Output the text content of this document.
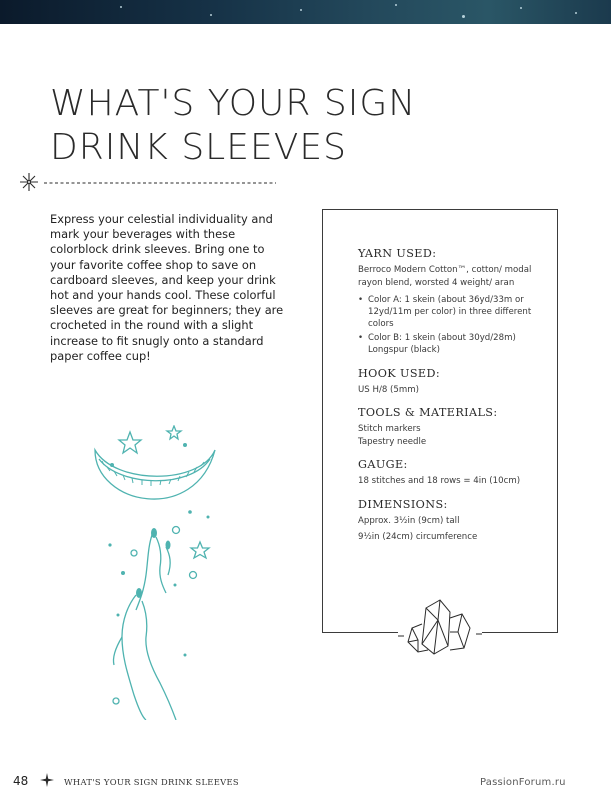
WHAT'S YOUR SIGN
DRINK SLEEVES

Express your celestial individuality and mark your beverages with these colorblock drink sleeves. Bring one to your favorite coffee shop to save on cardboard sleeves, and keep your drink hot and your hands cool. These colorful sleeves are great for beginners; they are crocheted in the round with a slight increase to fit snugly onto a standard paper coffee cup!

YARN USED:

Berroco Modern Cotton™, cotton/ modal rayon blend, worsted 4 weight/ aran

• Color A: 1 skein (about 36yd/33m or 12yd/11m per color) in three different colors
• Color B: 1 skein (about 30yd/28m) Longspur (black)

HOOK USED:

US H/8 (5mm)

TOOLS & MATERIALS:

Stitch markers

Tapestry needle

GAUGE:

18 stitches and 18 rows = 4in (10cm)

DIMENSIONS:

Approx. 3½in (9cm) tall

9½in (24cm) circumference

48	WHAT'S YOUR SIGN DRINK SLEEVES	PassionForum.ru
